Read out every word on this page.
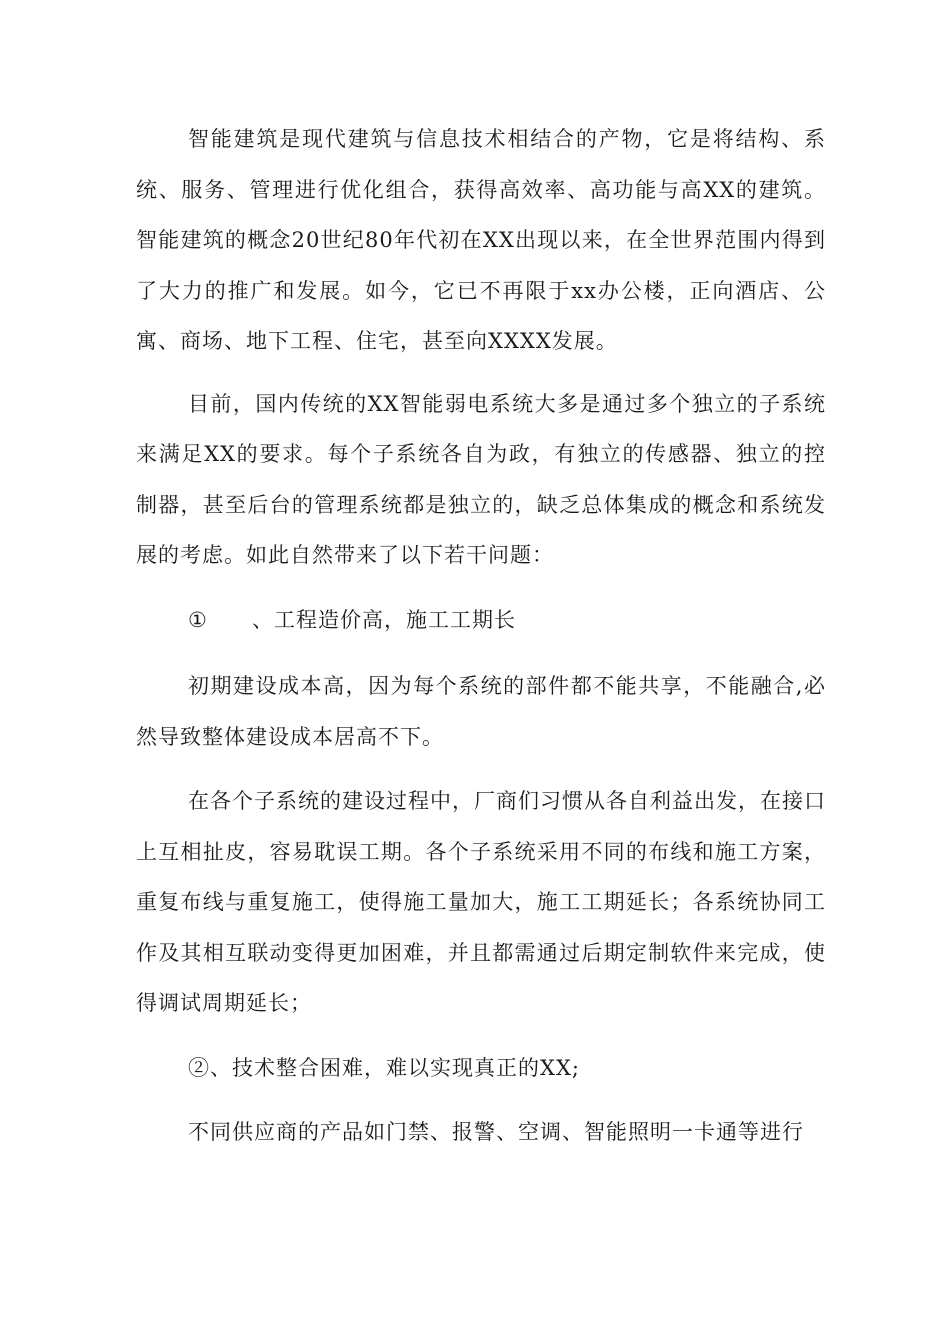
智能建筑是现代建筑与信息技术相结合的产物，它是将结构、系统、服务、管理进行优化组合，获得高效率、高功能与高XX的建筑。智能建筑的概念20世纪80年代初在XX出现以来，在全世界范围内得到了大力的推广和发展。如今，它已不再限于xx办公楼，正向酒店、公寓、商场、地下工程、住宅，甚至向XXXX发展。

目前，国内传统的XX智能弱电系统大多是通过多个独立的子系统来满足XX的要求。每个子系统各自为政，有独立的传感器、独立的控制器，甚至后台的管理系统都是独立的，缺乏总体集成的概念和系统发展的考虑。如此自然带来了以下若干问题：

① 、工程造价高，施工工期长

初期建设成本高，因为每个系统的部件都不能共享，不能融合,必然导致整体建设成本居高不下。

在各个子系统的建设过程中，厂商们习惯从各自利益出发，在接口上互相扯皮，容易耽误工期。各个子系统采用不同的布线和施工方案，重复布线与重复施工，使得施工量加大，施工工期延长；各系统协同工作及其相互联动变得更加困难，并且都需通过后期定制软件来完成，使得调试周期延长；

②、技术整合困难，难以实现真正的XX;

不同供应商的产品如门禁、报警、空调、智能照明一卡通等进行
